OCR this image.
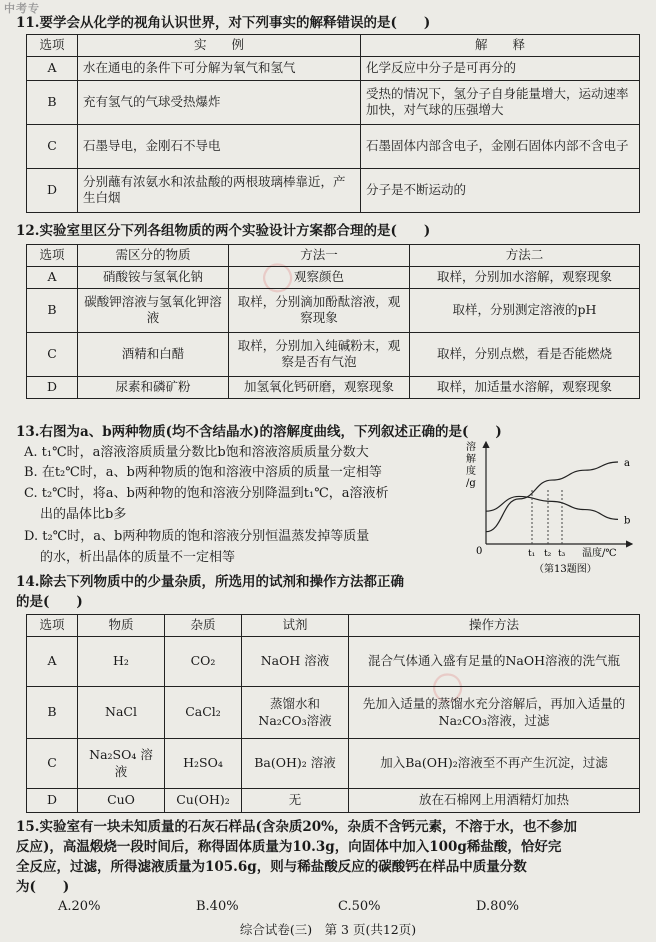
中考专
○
○
11.要学会从化学的视角认识世界，对下列事实的解释错误的是(　　)
选项	实　　例	解　　释
A	水在通电的条件下可分解为氧气和氢气	化学反应中分子是可再分的
B	充有氢气的气球受热爆炸	受热的情况下，氢分子自身能量增大，运动速率加快，对气球的压强增大
C	石墨导电，金刚石不导电	石墨固体内部含电子，金刚石固体内部不含电子
D	分别蘸有浓氨水和浓盐酸的两根玻璃棒靠近，产生白烟	分子是不断运动的
12.实验室里区分下列各组物质的两个实验设计方案都合理的是(　　)
选项	需区分的物质	方法一	方法二
A	硝酸铵与氢氧化钠	观察颜色	取样，分别加水溶解，观察现象
B	碳酸钾溶液与氢氧化钾溶液	取样，分别滴加酚酞溶液，观察现象	取样，分别测定溶液的pH
C	酒精和白醋	取样，分别加入纯碱粉末，观察是否有气泡	取样，分别点燃，看是否能燃烧
D	尿素和磷矿粉	加氢氧化钙研磨，观察现象	取样，加适量水溶解，观察现象
13.右图为a、b两种物质(均不含结晶水)的溶解度曲线，下列叙述正确的是(　　)
A. t₁℃时，a溶液溶质质量分数比b饱和溶液溶质质量分数大
B. 在t₂℃时，a、b两种物质的饱和溶液中溶质的质量一定相等
C. t₂℃时，将a、b两种物的饱和溶液分别降温到t₁℃，a溶液析
出的晶体比b多
D. t₂℃时，a、b两种物质的饱和溶液分别恒温蒸发掉等质量
的水，析出晶体的质量不一定相等
溶解度/g
0
a
b
t₁ t₂ t₃ 温度/℃
（第13题图）
14.除去下列物质中的少量杂质，所选用的试剂和操作方法都正确
的是(　　)
选项	物质	杂质	试剂	操作方法
A	H₂	CO₂	NaOH 溶液	混合气体通入盛有足量的NaOH溶液的洗气瓶
B	NaCl	CaCl₂	蒸馏水和Na₂CO₃溶液	先加入适量的蒸馏水充分溶解后，再加入适量的Na₂CO₃溶液，过滤
C	Na₂SO₄ 溶液	H₂SO₄	Ba(OH)₂ 溶液	加入Ba(OH)₂溶液至不再产生沉淀，过滤
D	CuO	Cu(OH)₂	无	放在石棉网上用酒精灯加热
15.实验室有一块未知质量的石灰石样品(含杂质20%，杂质不含钙元素，不溶于水，也不参加
反应)，高温煅烧一段时间后，称得固体质量为10.3g，向固体中加入100g稀盐酸，恰好完
全反应，过滤，所得滤液质量为105.6g，则与稀盐酸反应的碳酸钙在样品中质量分数
为(　　)
A.20%	B.40%	C.50%	D.80%
综合试卷(三)　第 3 页(共12页)
